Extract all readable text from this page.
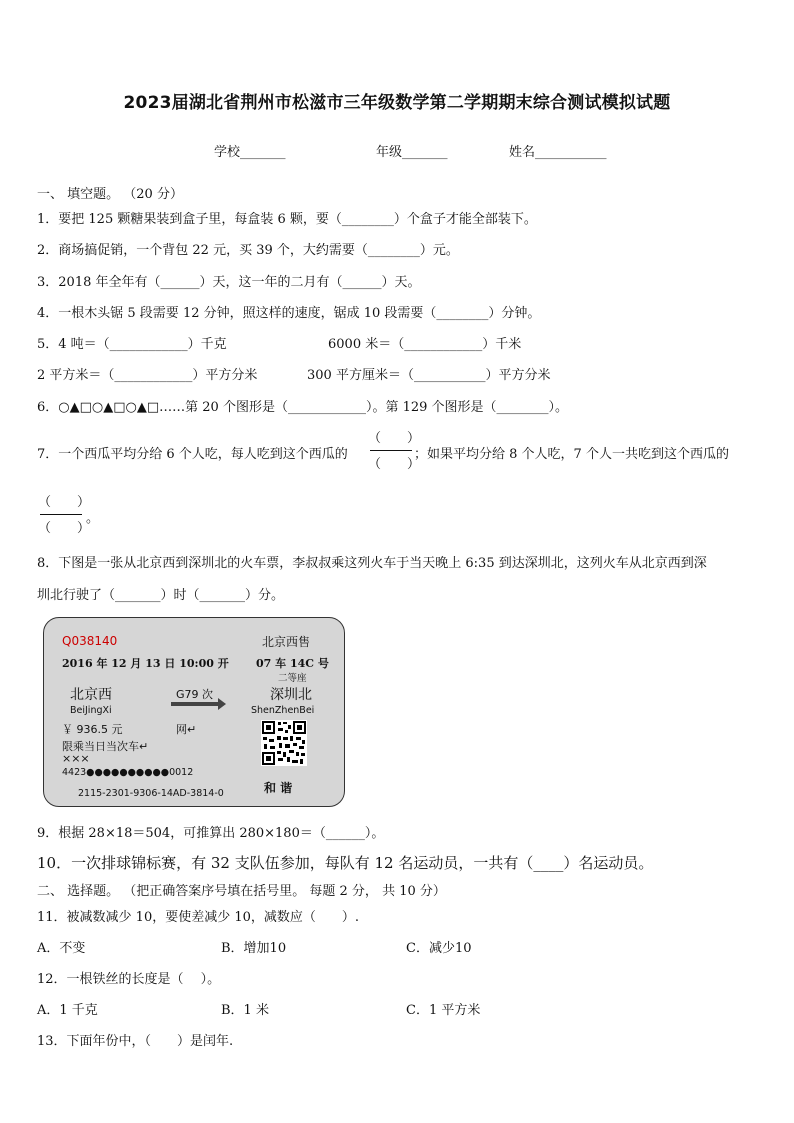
2023届湖北省荆州市松滋市三年级数学第二学期期末综合测试模拟试题
学校_______	年级_______	姓名___________
一、 填空题。 （20 分）
1．要把 125 颗糖果装到盒子里，每盒装 6 颗，要（________）个盒子才能全部装下。
2．商场搞促销，一个背包 22 元，买 39 个，大约需要（________）元。
3．2018 年全年有（______）天，这一年的二月有（______）天。
4．一根木头锯 5 段需要 12 分钟，照这样的速度，锯成 10 段需要（________）分钟。
5．4 吨＝（____________）千克	6000 米＝（____________）千米
2 平方米＝（____________）平方分米	300 平方厘米＝（___________）平方分米
6．○▲□○▲□○▲□……第 20 个图形是（____________）。第 129 个图形是（________）。
7．一个西瓜平均分给 6 个人吃，每人吃到这个西瓜的
（　　）
（　　）
；如果平均分给 8 个人吃，7 个人一共吃到这个西瓜的
（　　）
（　　）
。
8．下图是一张从北京西到深圳北的火车票，李叔叔乘这列火车于当天晚上 6:35 到达深圳北，这列火车从北京西到深
圳北行驶了（_______）时（_______）分。
Q038140	北京西售
2016 年 12 月 13 日 10:00 开 07 车 14C 号
二等座
北京西	G79 次	深圳北
BeiJingXi	ShenZhenBei
￥ 936.5 元	网↵
限乘当日当次车↵
×××
4423●●●●●●●●●●0012
2115-2301-9306-14AD-3814-0	和 谐
9．根据 28×18＝504，可推算出 280×180＝（______）。
10．一次排球锦标赛，有 32 支队伍参加，每队有 12 名运动员，一共有（____）名运动员。
二、 选择题。 （把正确答案序号填在括号里。 每题 2 分， 共 10 分）
11．被减数减少 10，要使差减少 10，减数应（　　）.
A．不变	B．增加10	C．减少10
12．一根铁丝的长度是（　 ）。
A．1 千克	B．1 米	C．1 平方米
13．下面年份中，（　　）是闰年.
